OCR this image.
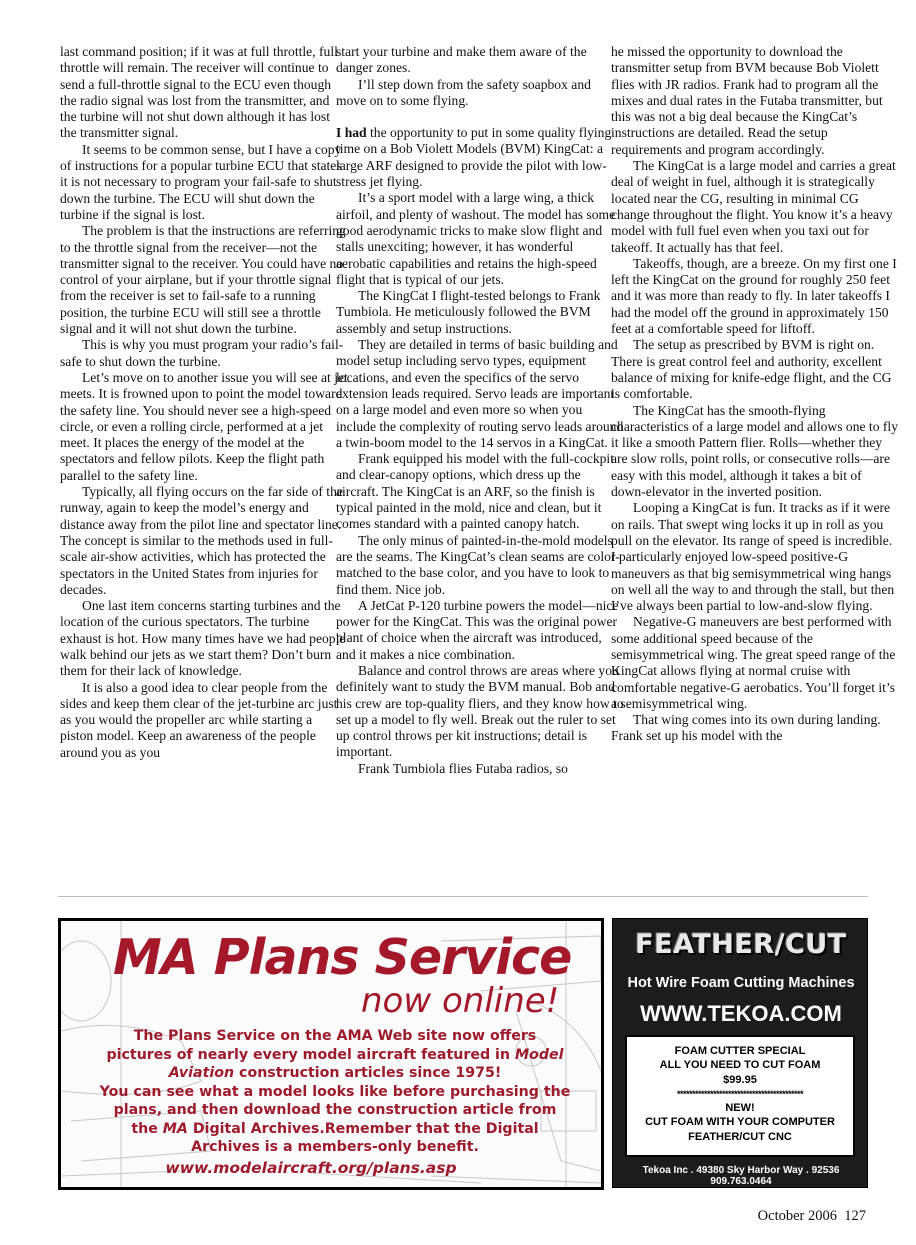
last command position; if it was at full throttle, full throttle will remain. The receiver will continue to send a full-throttle signal to the ECU even though the radio signal was lost from the transmitter, and the turbine will not shut down although it has lost the transmitter signal.

It seems to be common sense, but I have a copy of instructions for a popular turbine ECU that states it is not necessary to program your fail-safe to shut down the turbine. The ECU will shut down the turbine if the signal is lost.

The problem is that the instructions are referring to the throttle signal from the receiver—not the transmitter signal to the receiver. You could have no control of your airplane, but if your throttle signal from the receiver is set to fail-safe to a running position, the turbine ECU will still see a throttle signal and it will not shut down the turbine.

This is why you must program your radio’s fail-safe to shut down the turbine.

Let’s move on to another issue you will see at jet meets. It is frowned upon to point the model toward the safety line. You should never see a high-speed circle, or even a rolling circle, performed at a jet meet. It places the energy of the model at the spectators and fellow pilots. Keep the flight path parallel to the safety line.

Typically, all flying occurs on the far side of the runway, again to keep the model’s energy and distance away from the pilot line and spectator line. The concept is similar to the methods used in full-scale air-show activities, which has protected the spectators in the United States from injuries for decades.

One last item concerns starting turbines and the location of the curious spectators. The turbine exhaust is hot. How many times have we had people walk behind our jets as we start them? Don’t burn them for their lack of knowledge.

It is also a good idea to clear people from the sides and keep them clear of the jet-turbine arc just as you would the propeller arc while starting a piston model. Keep an awareness of the people around you as you

start your turbine and make them aware of the danger zones.

I’ll step down from the safety soapbox and move on to some flying.

I had the opportunity to put in some quality flying time on a Bob Violett Models (BVM) KingCat: a large ARF designed to provide the pilot with low-stress jet flying.

It’s a sport model with a large wing, a thick airfoil, and plenty of washout. The model has some good aerodynamic tricks to make slow flight and stalls unexciting; however, it has wonderful aerobatic capabilities and retains the high-speed flight that is typical of our jets.

The KingCat I flight-tested belongs to Frank Tumbiola. He meticulously followed the BVM assembly and setup instructions.

They are detailed in terms of basic building and model setup including servo types, equipment locations, and even the specifics of the servo extension leads required. Servo leads are important on a large model and even more so when you include the complexity of routing servo leads around a twin-boom model to the 14 servos in a KingCat.

Frank equipped his model with the full-cockpit and clear-canopy options, which dress up the aircraft. The KingCat is an ARF, so the finish is typical painted in the mold, nice and clean, but it comes standard with a painted canopy hatch.

The only minus of painted-in-the-mold models are the seams. The KingCat’s clean seams are color-matched to the base color, and you have to look to find them. Nice job.

A JetCat P-120 turbine powers the model—nice power for the KingCat. This was the original power plant of choice when the aircraft was introduced, and it makes a nice combination.

Balance and control throws are areas where you definitely want to study the BVM manual. Bob and his crew are top-quality fliers, and they know how to set up a model to fly well. Break out the ruler to set up control throws per kit instructions; detail is important.

Frank Tumbiola flies Futaba radios, so

he missed the opportunity to download the transmitter setup from BVM because Bob Violett flies with JR radios. Frank had to program all the mixes and dual rates in the Futaba transmitter, but this was not a big deal because the KingCat’s instructions are detailed. Read the setup requirements and program accordingly.

The KingCat is a large model and carries a great deal of weight in fuel, although it is strategically located near the CG, resulting in minimal CG change throughout the flight. You know it’s a heavy model with full fuel even when you taxi out for takeoff. It actually has that feel.

Takeoffs, though, are a breeze. On my first one I left the KingCat on the ground for roughly 250 feet and it was more than ready to fly. In later takeoffs I had the model off the ground in approximately 150 feet at a comfortable speed for liftoff.

The setup as prescribed by BVM is right on. There is great control feel and authority, excellent balance of mixing for knife-edge flight, and the CG is comfortable.

The KingCat has the smooth-flying characteristics of a large model and allows one to fly it like a smooth Pattern flier. Rolls—whether they are slow rolls, point rolls, or consecutive rolls—are easy with this model, although it takes a bit of down-elevator in the inverted position.

Looping a KingCat is fun. It tracks as if it were on rails. That swept wing locks it up in roll as you pull on the elevator. Its range of speed is incredible. I particularly enjoyed low-speed positive-G maneuvers as that big semisymmetrical wing hangs on well all the way to and through the stall, but then I’ve always been partial to low-and-slow flying.

Negative-G maneuvers are best performed with some additional speed because of the semisymmetrical wing. The great speed range of the KingCat allows flying at normal cruise with comfortable negative-G aerobatics. You’ll forget it’s a semisymmetrical wing.

That wing comes into its own during landing. Frank set up his model with the

MA Plans Service
now online!
The Plans Service on the AMA Web site now offers
pictures of nearly every model aircraft featured in Model
Aviation construction articles since 1975!
You can see what a model looks like before purchasing the
plans, and then download the construction article from
the MA Digital Archives.Remember that the Digital
Archives is a members-only benefit.
www.modelaircraft.org/plans.asp
FEATHER/CUT
Hot Wire Foam Cutting Machines
WWW.TEKOA.COM
FOAM CUTTER SPECIAL
ALL YOU NEED TO CUT FOAM
$99.95
******************************************
NEW!
CUT FOAM WITH YOUR COMPUTER
FEATHER/CUT CNC
Tekoa Inc . 49380 Sky Harbor Way . 92536 909.763.0464
October 2006  127
